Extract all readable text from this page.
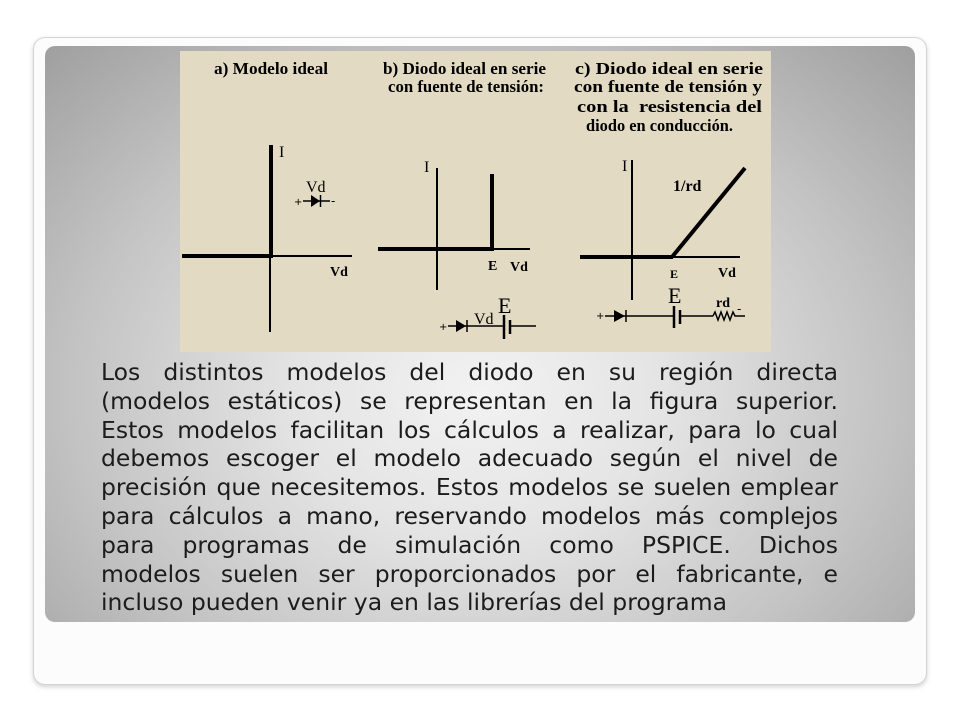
a) Modelo ideal
I
Vd
Vd
+ -
b) Diodo ideal en serie
con fuente de tensión:
I
E Vd
+ Vd
E
c) Diodo ideal en serie
con fuente de tensión y
con la  resistencia del
diodo en conducción.
I
1/rd
E	Vd
+
E rd -
Los distintos modelos del diodo en su región directa
(modelos estáticos) se representan en la figura superior.
Estos modelos facilitan los cálculos a realizar, para lo cual
debemos escoger el modelo adecuado según el nivel de
precisión que necesitemos. Estos modelos se suelen emplear
para cálculos a mano, reservando modelos más complejos
para programas de simulación como PSPICE. Dichos
modelos suelen ser proporcionados por el fabricante, e
incluso pueden venir ya en las librerías del programa
